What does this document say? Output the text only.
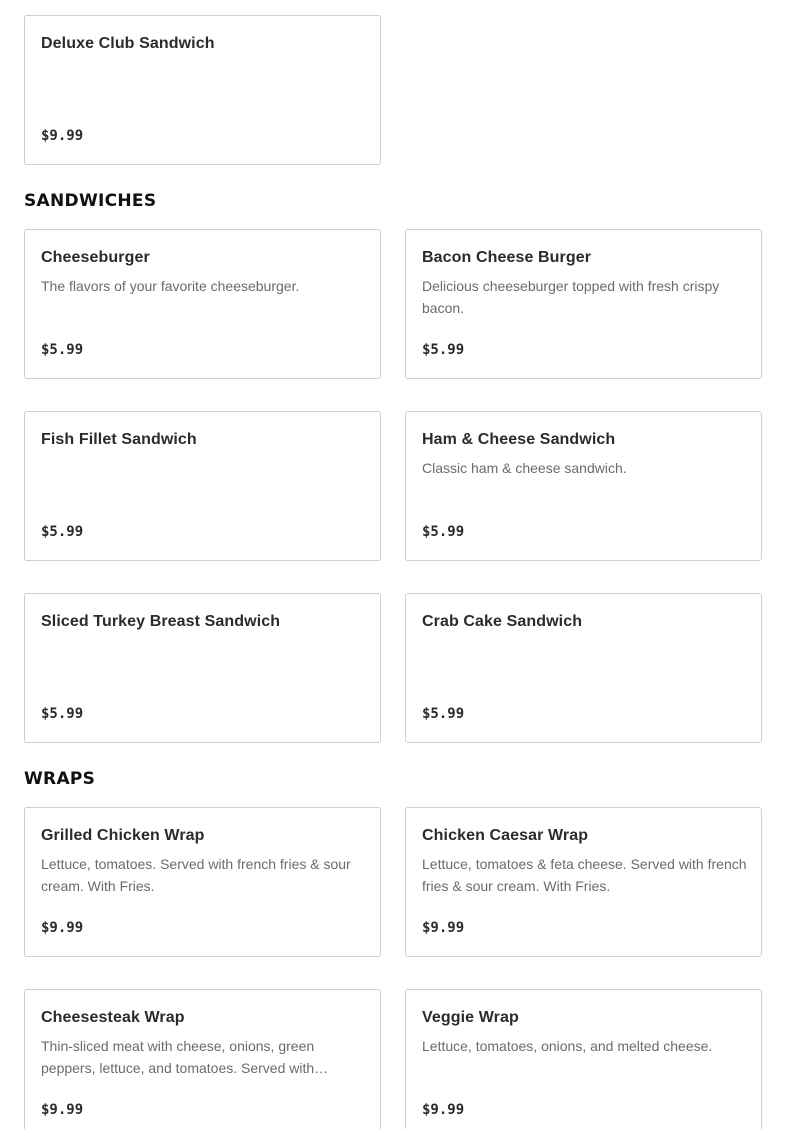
Deluxe Club Sandwich
$9.99
SANDWICHES
Cheeseburger
The flavors of your favorite cheeseburger.
$5.99
Bacon Cheese Burger
Delicious cheeseburger topped with fresh crispy bacon.
$5.99
Fish Fillet Sandwich
$5.99
Ham & Cheese Sandwich
Classic ham & cheese sandwich.
$5.99
Sliced Turkey Breast Sandwich
$5.99
Crab Cake Sandwich
$5.99
WRAPS
Grilled Chicken Wrap
Lettuce, tomatoes. Served with french fries & sour cream. With Fries.
$9.99
Chicken Caesar Wrap
Lettuce, tomatoes & feta cheese. Served with french fries & sour cream. With Fries.
$9.99
Cheesesteak Wrap
Thin-sliced meat with cheese, onions, green peppers, lettuce, and tomatoes. Served with…
$9.99
Veggie Wrap
Lettuce, tomatoes, onions, and melted cheese.
$9.99
